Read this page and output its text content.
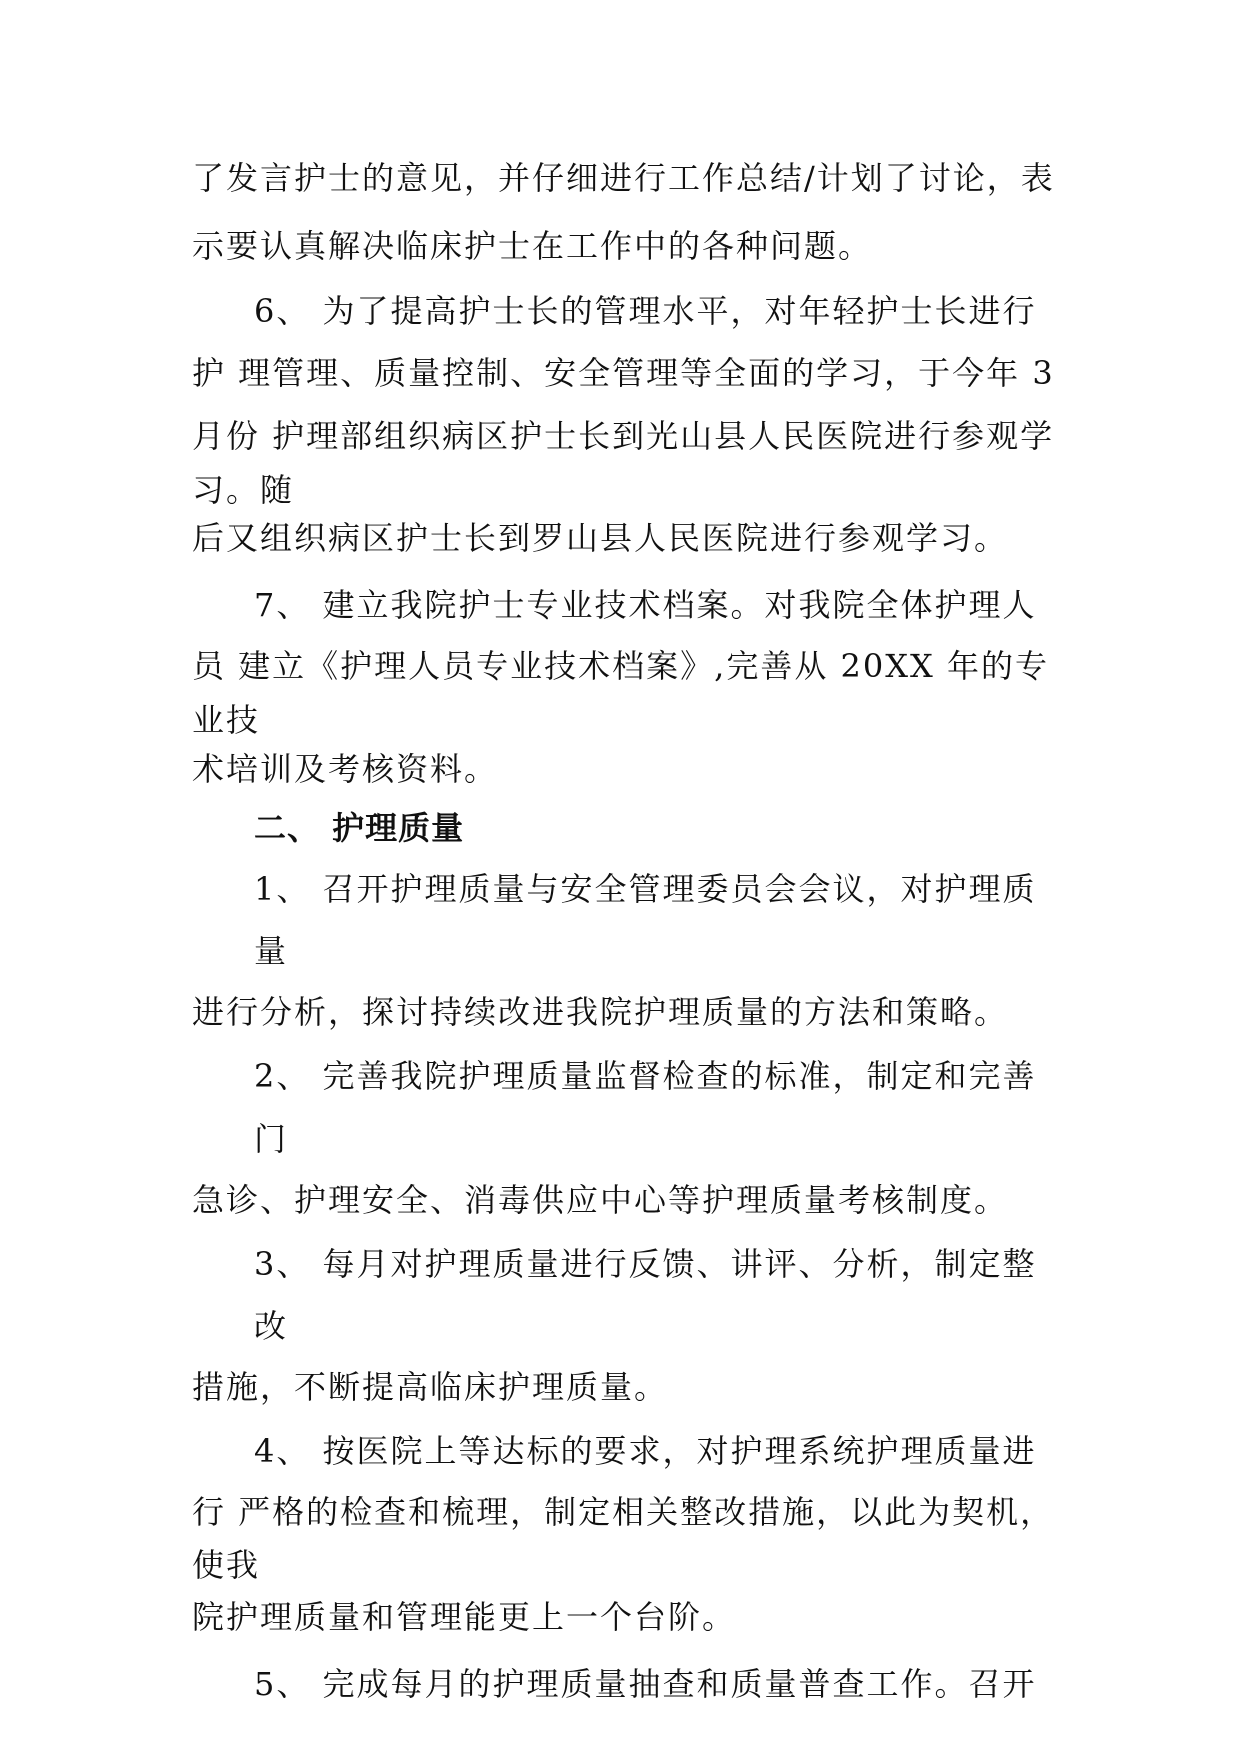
了发言护士的意见，并仔细进行工作总结/计划了讨论，表
示要认真解决临床护士在工作中的各种问题。
6、 为了提高护士长的管理水平，对年轻护士长进行
护 理管理、质量控制、安全管理等全面的学习，于今年 3
月份 护理部组织病区护士长到光山县人民医院进行参观学
习。随
后又组织病区护士长到罗山县人民医院进行参观学习。
7、 建立我院护士专业技术档案。对我院全体护理人
员 建立《护理人员专业技术档案》,完善从 20XX 年的专
业技
术培训及考核资料。
二、 护理质量
1、 召开护理质量与安全管理委员会会议，对护理质
量
进行分析，探讨持续改进我院护理质量的方法和策略。
2、 完善我院护理质量监督检查的标准，制定和完善
门
急诊、护理安全、消毒供应中心等护理质量考核制度。
3、 每月对护理质量进行反馈、讲评、分析，制定整
改
措施，不断提高临床护理质量。
4、 按医院上等达标的要求，对护理系统护理质量进
行 严格的检查和梳理，制定相关整改措施，以此为契机，
使我
院护理质量和管理能更上一个台阶。
5、 完成每月的护理质量抽查和质量普查工作。召开
